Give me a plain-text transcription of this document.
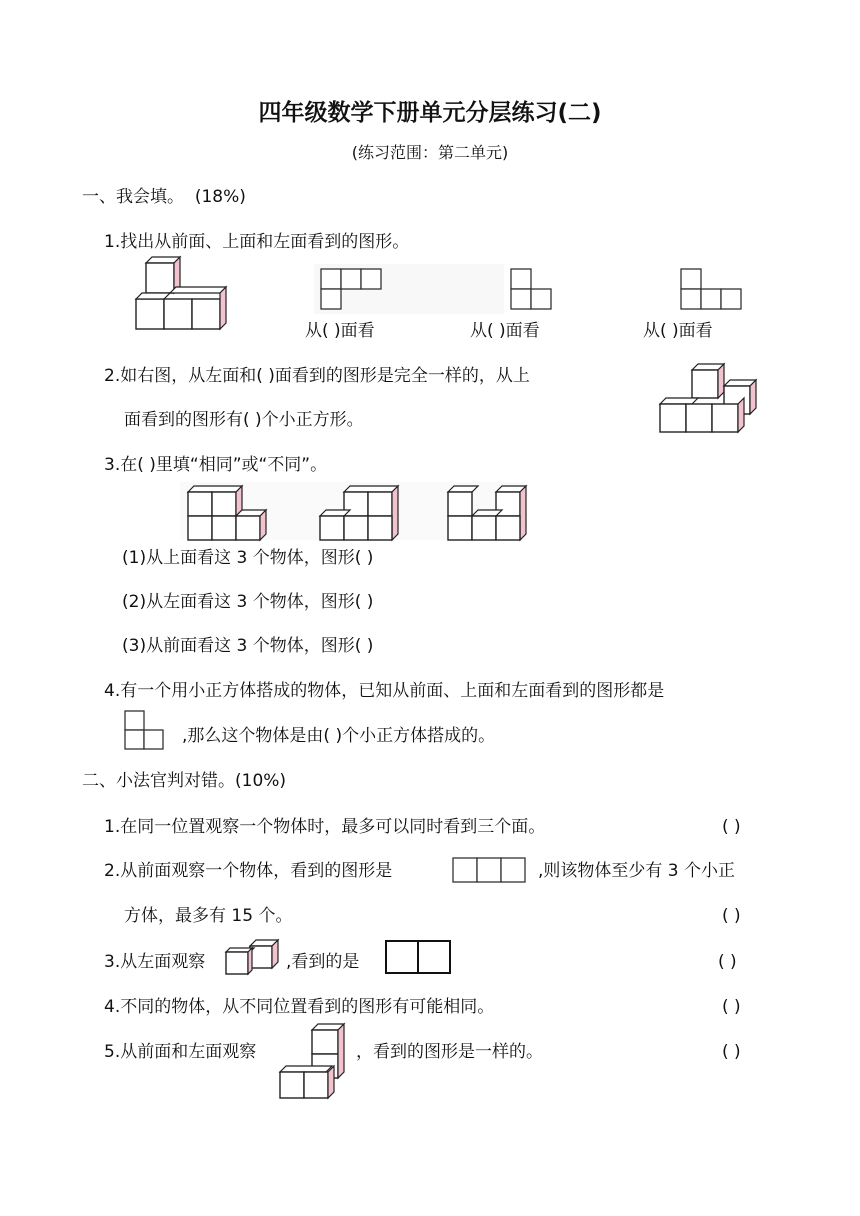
四年级数学下册单元分层练习(二)
(练习范围：第二单元)
一、我会填。 (18%)
1.找出从前面、上面和左面看到的图形。
从( )面看	从( )面看	从( )面看
2.如右图，从左面和( )面看到的图形是完全一样的，从上
面看到的图形有( )个小正方形。
3.在( )里填“相同”或“不同”。
(1)从上面看这 3 个物体，图形( )
(2)从左面看这 3 个物体，图形( )
(3)从前面看这 3 个物体，图形( )
4.有一个用小正方体搭成的物体，已知从前面、上面和左面看到的图形都是
,那么这个物体是由( )个小正方体搭成的。
二、小法官判对错。(10%)
1.在同一位置观察一个物体时，最多可以同时看到三个面。	( )
2.从前面观察一个物体，看到的图形是	,则该物体至少有 3 个小正
方体，最多有 15 个。	( )
3.从左面观察	,看到的是	( )
4.不同的物体，从不同位置看到的图形有可能相同。	( )
5.从前面和左面观察	，看到的图形是一样的。	( )
